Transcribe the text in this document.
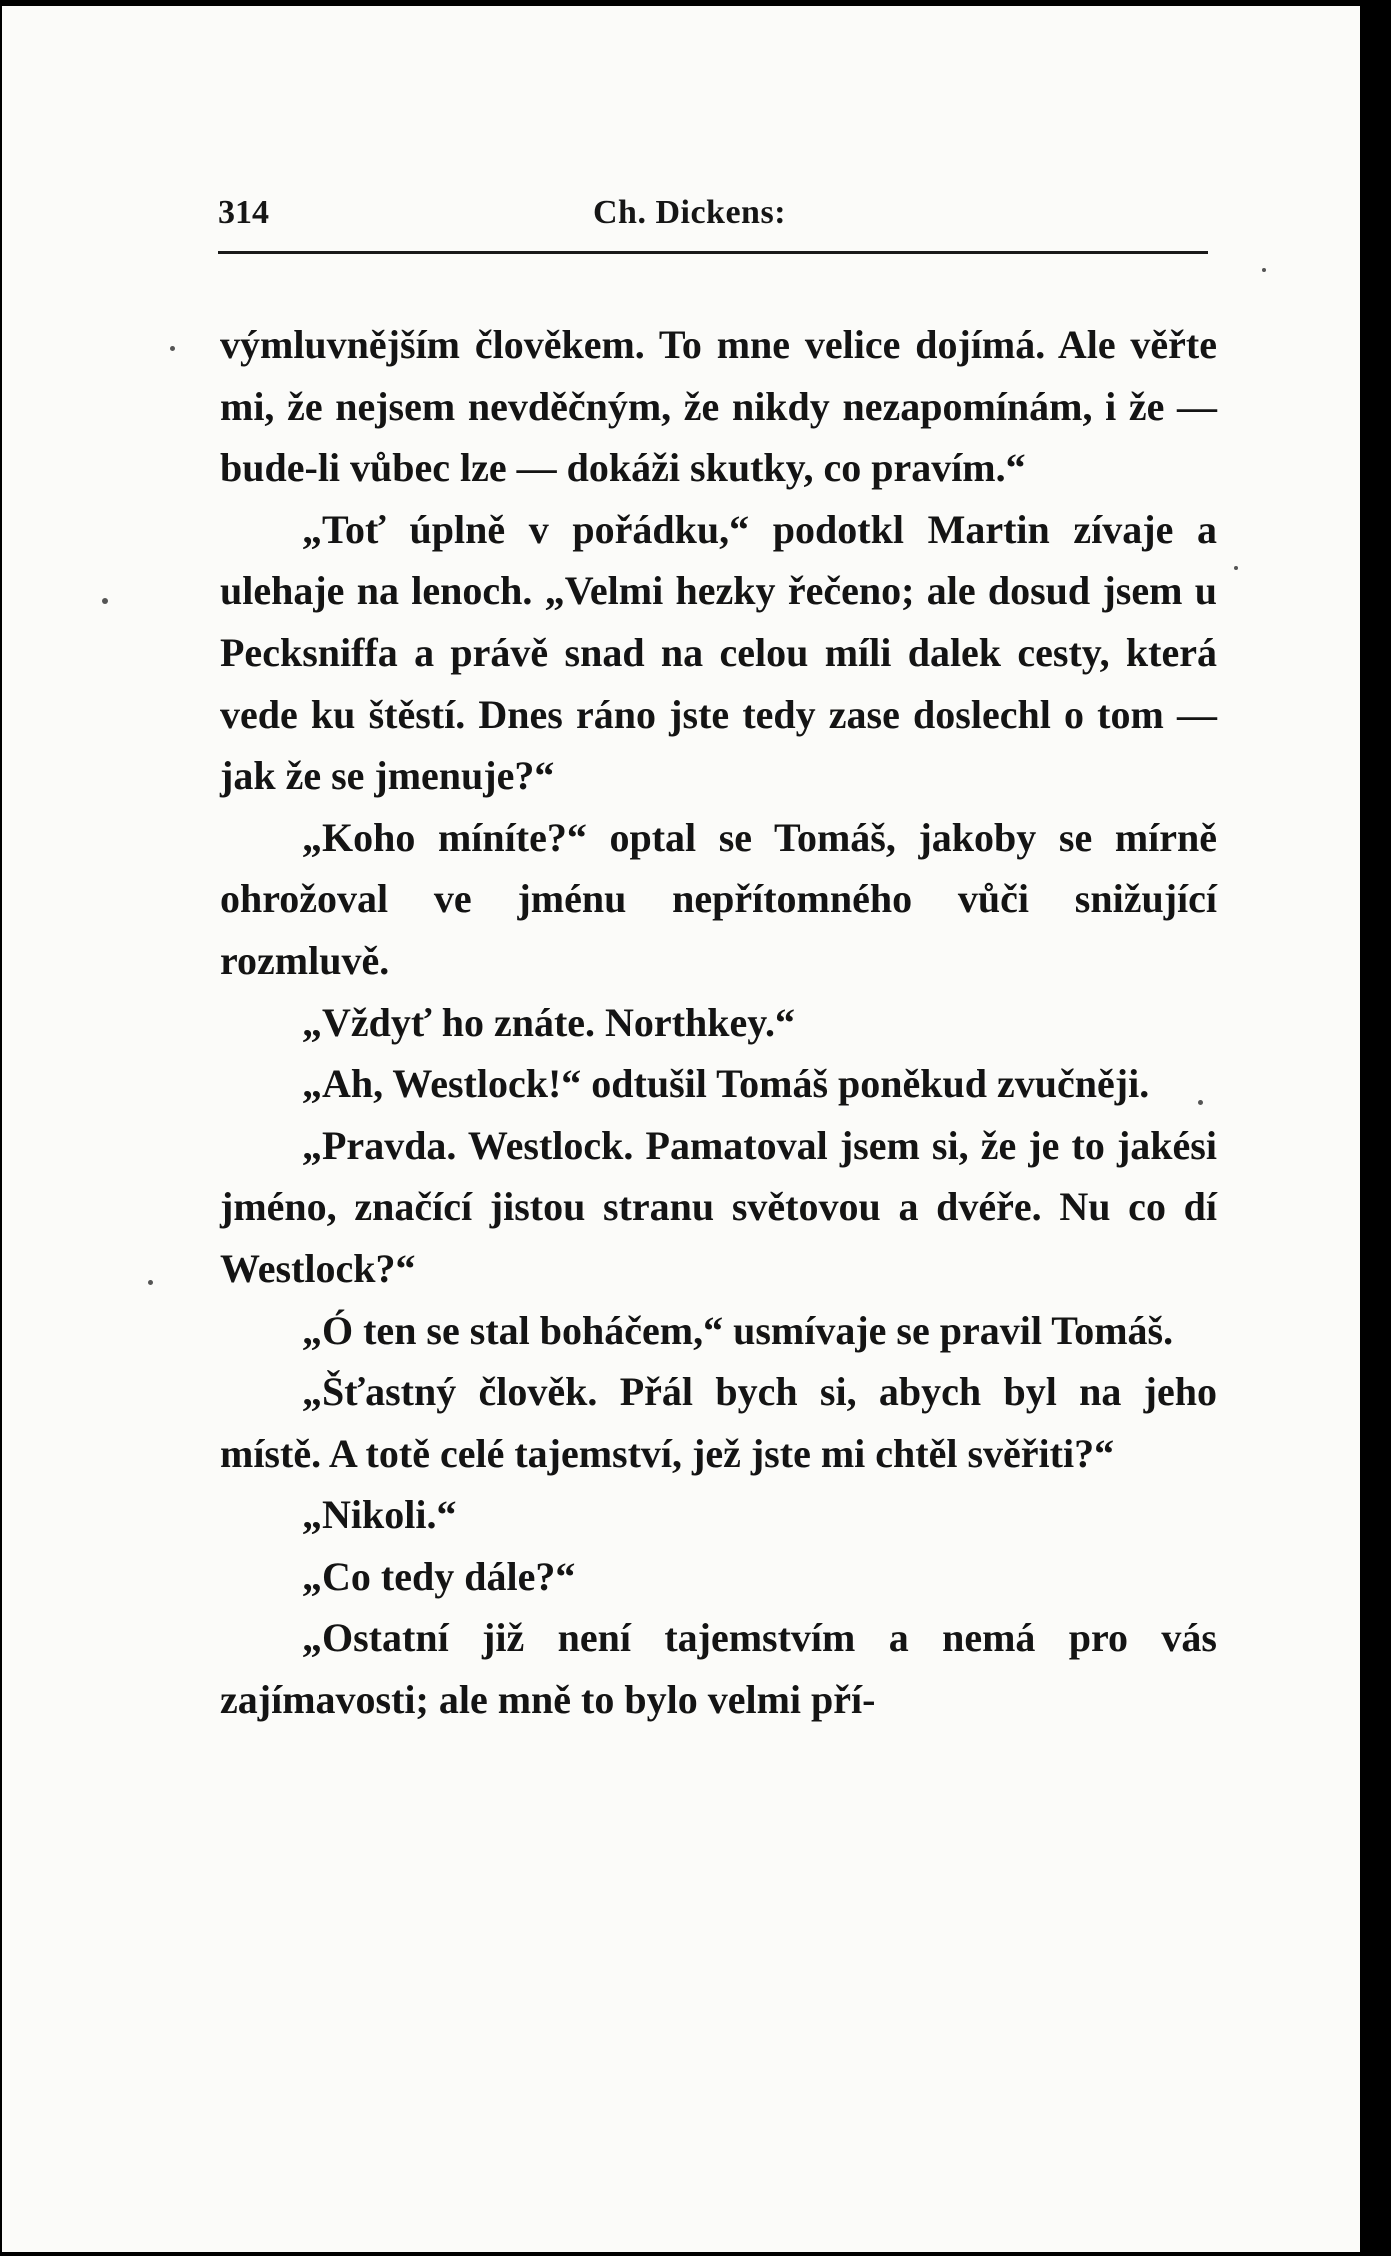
314	Ch. Dickens:

výmluvnějším člověkem. To mne velice dojímá. Ale věřte mi, že nejsem nevděčným, že nikdy nezapomínám, i že — bude-li vůbec lze — dokáži skutky, co pravím.“

„Toť úplně v pořádku,“ podotkl Martin zívaje a ulehaje na lenoch. „Velmi hezky řečeno; ale dosud jsem u Pecksniffa a právě snad na celou míli dalek cesty, která vede ku štěstí. Dnes ráno jste tedy zase doslechl o tom — jak že se jmenuje?“

„Koho míníte?“ optal se Tomáš, jakoby se mírně ohrožoval ve jménu nepřítomného vůči snižující rozmluvě.

„Vždyť ho znáte. Northkey.“

„Ah, Westlock!“ odtušil Tomáš poněkud zvučněji.

„Pravda. Westlock. Pamatoval jsem si, že je to jakési jméno, značící jistou stranu světovou a dvéře. Nu co dí Westlock?“

„Ó ten se stal boháčem,“ usmívaje se pravil Tomáš.

„Šťastný člověk. Přál bych si, abych byl na jeho místě. A totě celé tajemství, jež jste mi chtěl svěřiti?“

„Nikoli.“

„Co tedy dále?“

„Ostatní již není tajemstvím a nemá pro vás zajímavosti; ale mně to bylo velmi pří-
